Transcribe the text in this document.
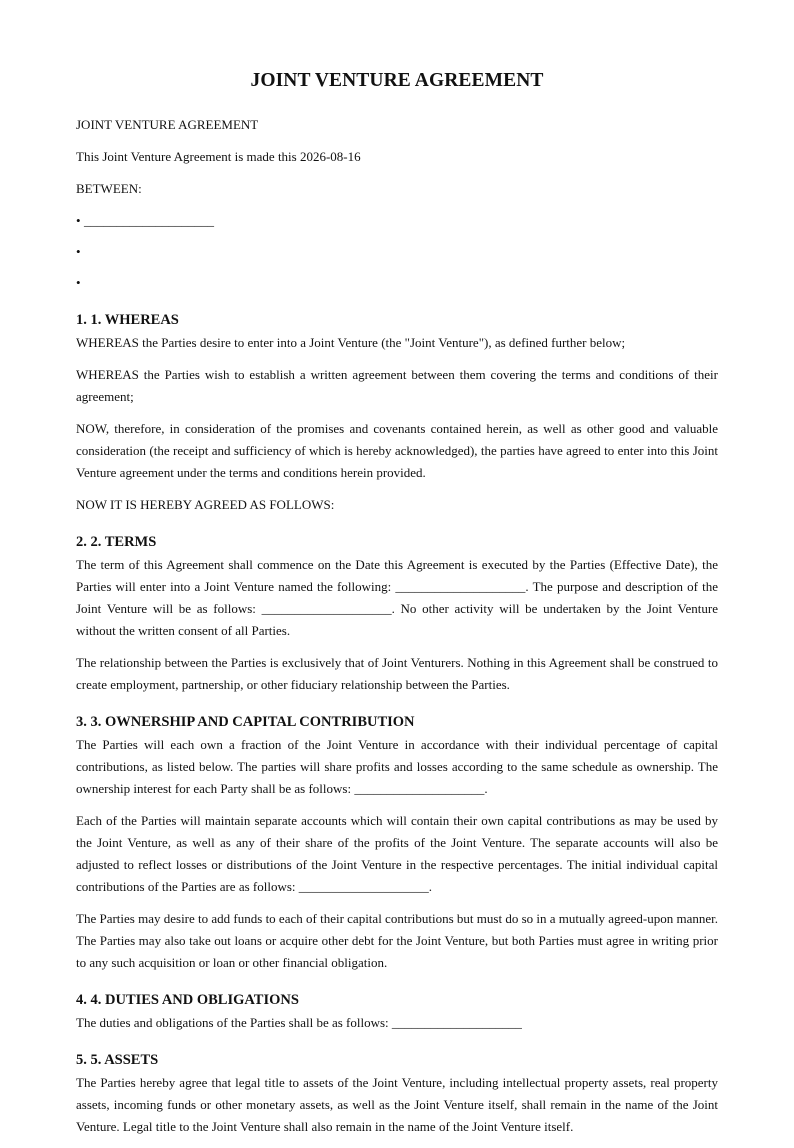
JOINT VENTURE AGREEMENT

JOINT VENTURE AGREEMENT

This Joint Venture Agreement is made this 2026-08-16

BETWEEN:

• ____________________
•
•
1. 1. WHEREAS

WHEREAS the Parties desire to enter into a Joint Venture (the "Joint Venture"), as defined further below;

WHEREAS the Parties wish to establish a written agreement between them covering the terms and conditions of their agreement;

NOW, therefore, in consideration of the promises and covenants contained herein, as well as other good and valuable consideration (the receipt and sufficiency of which is hereby acknowledged), the parties have agreed to enter into this Joint Venture agreement under the terms and conditions herein provided.

NOW IT IS HEREBY AGREED AS FOLLOWS:

2. 2. TERMS

The term of this Agreement shall commence on the Date this Agreement is executed by the Parties (Effective Date), the Parties will enter into a Joint Venture named the following: ____________________. The purpose and description of the Joint Venture will be as follows: ____________________. No other activity will be undertaken by the Joint Venture without the written consent of all Parties.

The relationship between the Parties is exclusively that of Joint Venturers. Nothing in this Agreement shall be construed to create employment, partnership, or other fiduciary relationship between the Parties.

3. 3. OWNERSHIP AND CAPITAL CONTRIBUTION

The Parties will each own a fraction of the Joint Venture in accordance with their individual percentage of capital contributions, as listed below. The parties will share profits and losses according to the same schedule as ownership. The ownership interest for each Party shall be as follows: ____________________.

Each of the Parties will maintain separate accounts which will contain their own capital contributions as may be used by the Joint Venture, as well as any of their share of the profits of the Joint Venture. The separate accounts will also be adjusted to reflect losses or distributions of the Joint Venture in the respective percentages. The initial individual capital contributions of the Parties are as follows: ____________________.

The Parties may desire to add funds to each of their capital contributions but must do so in a mutually agreed-upon manner. The Parties may also take out loans or acquire other debt for the Joint Venture, but both Parties must agree in writing prior to any such acquisition or loan or other financial obligation.

4. 4. DUTIES AND OBLIGATIONS

The duties and obligations of the Parties shall be as follows: ____________________

5. 5. ASSETS

The Parties hereby agree that legal title to assets of the Joint Venture, including intellectual property assets, real property assets, incoming funds or other monetary assets, as well as the Joint Venture itself, shall remain in the name of the Joint Venture. Legal title to the Joint Venture shall also remain in the name of the Joint Venture itself.
